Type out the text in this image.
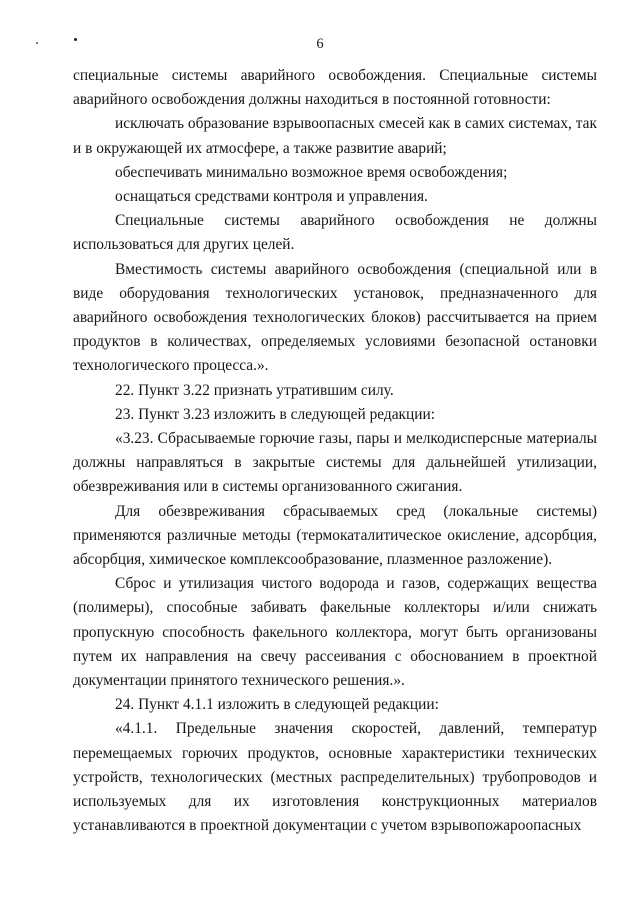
6

специальные системы аварийного освобождения. Специальные системы аварийного освобождения должны находиться в постоянной готовности:

исключать образование взрывоопасных смесей как в самих системах, так и в окружающей их атмосфере, а также развитие аварий;

обеспечивать минимально возможное время освобождения;

оснащаться средствами контроля и управления.

Специальные системы аварийного освобождения не должны использоваться для других целей.

Вместимость системы аварийного освобождения (специальной или в виде оборудования технологических установок, предназначенного для аварийного освобождения технологических блоков) рассчитывается на прием продуктов в количествах, определяемых условиями безопасной остановки технологического процесса.».

22. Пункт 3.22 признать утратившим силу.

23. Пункт 3.23 изложить в следующей редакции:

«3.23. Сбрасываемые горючие газы, пары и мелкодисперсные материалы должны направляться в закрытые системы для дальнейшей утилизации, обезвреживания или в системы организованного сжигания.

Для обезвреживания сбрасываемых сред (локальные системы) применяются различные методы (термокаталитическое окисление, адсорбция, абсорбция, химическое комплексообразование, плазменное разложение).

Сброс и утилизация чистого водорода и газов, содержащих вещества (полимеры), способные забивать факельные коллекторы и/или снижать пропускную способность факельного коллектора, могут быть организованы путем их направления на свечу рассеивания с обоснованием в проектной документации принятого технического решения.».

24. Пункт 4.1.1 изложить в следующей редакции:

«4.1.1. Предельные значения скоростей, давлений, температур перемещаемых горючих продуктов, основные характеристики технических устройств, технологических (местных распределительных) трубопроводов и используемых для их изготовления конструкционных материалов устанавливаются в проектной документации с учетом взрывопожароопасных
